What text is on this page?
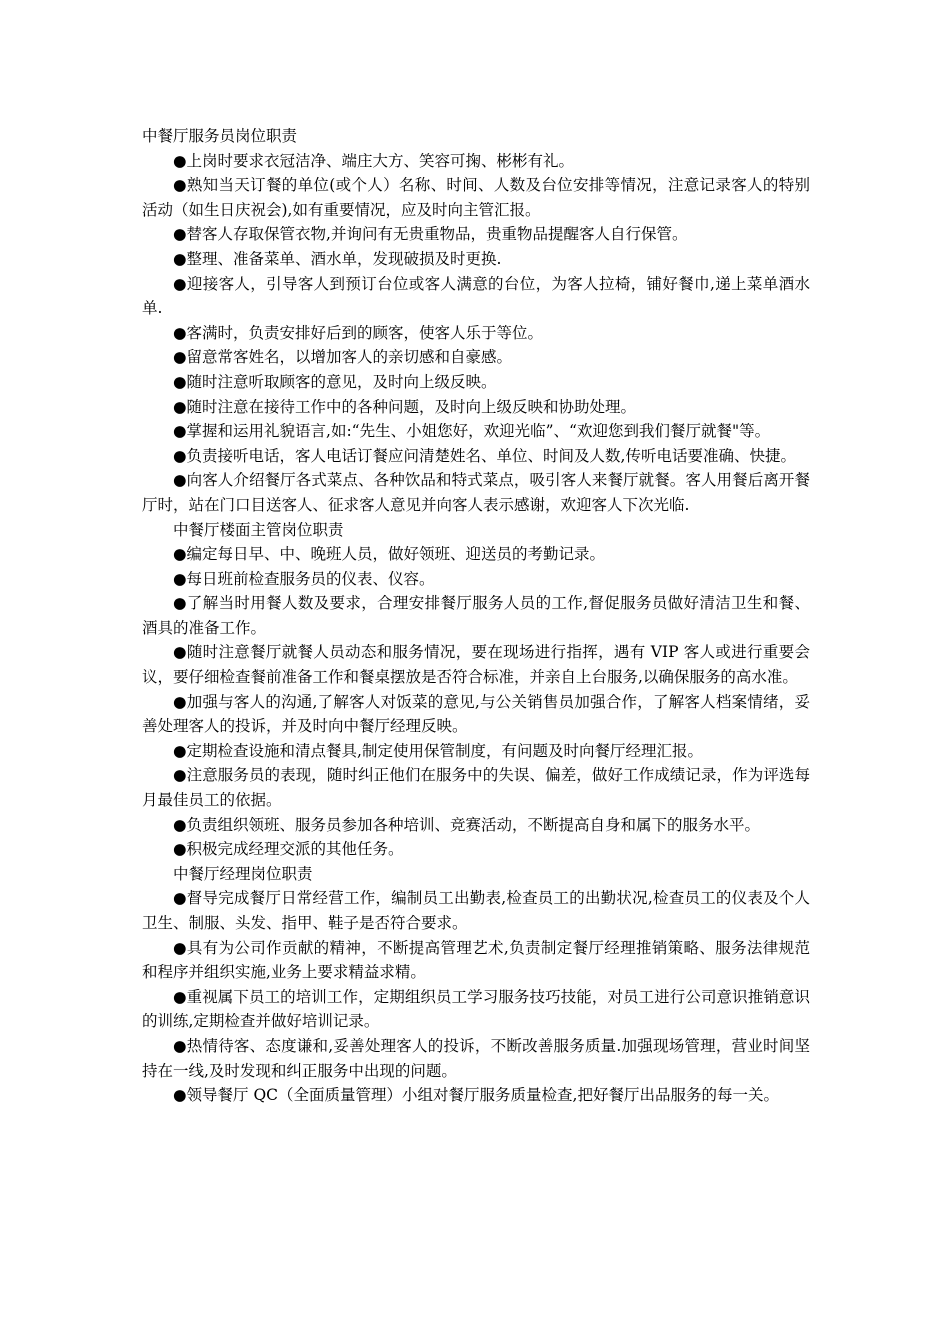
中餐厅服务员岗位职责

●上岗时要求衣冠洁净、端庄大方、笑容可掬、彬彬有礼。

●熟知当天订餐的单位(或个人）名称、时间、人数及台位安排等情况，注意记录客人的特别活动（如生日庆祝会),如有重要情况，应及时向主管汇报。

●替客人存取保管衣物,并询问有无贵重物品，贵重物品提醒客人自行保管。

●整理、准备菜单、酒水单，发现破损及时更换.

●迎接客人，引导客人到预订台位或客人满意的台位，为客人拉椅，铺好餐巾,递上菜单酒水单.

●客满时，负责安排好后到的顾客，使客人乐于等位。

●留意常客姓名，以增加客人的亲切感和自豪感。

●随时注意听取顾客的意见，及时向上级反映。

●随时注意在接待工作中的各种问题，及时向上级反映和协助处理。

●掌握和运用礼貌语言,如:“先生、小姐您好，欢迎光临”、“欢迎您到我们餐厅就餐"等。

●负责接听电话，客人电话订餐应问清楚姓名、单位、时间及人数,传听电话要准确、快捷。

●向客人介绍餐厅各式菜点、各种饮品和特式菜点，吸引客人来餐厅就餐。客人用餐后离开餐厅时，站在门口目送客人、征求客人意见并向客人表示感谢，欢迎客人下次光临.

中餐厅楼面主管岗位职责

●编定每日早、中、晚班人员，做好领班、迎送员的考勤记录。

●每日班前检查服务员的仪表、仪容。

●了解当时用餐人数及要求，合理安排餐厅服务人员的工作,督促服务员做好清洁卫生和餐、酒具的准备工作。

●随时注意餐厅就餐人员动态和服务情况，要在现场进行指挥，遇有 VIP 客人或进行重要会议，要仔细检查餐前准备工作和餐桌摆放是否符合标准，并亲自上台服务,以确保服务的高水准。

●加强与客人的沟通,了解客人对饭菜的意见,与公关销售员加强合作，了解客人档案情绪，妥善处理客人的投诉，并及时向中餐厅经理反映。

●定期检查设施和清点餐具,制定使用保管制度，有问题及时向餐厅经理汇报。

●注意服务员的表现，随时纠正他们在服务中的失误、偏差，做好工作成绩记录，作为评选每月最佳员工的依据。

●负责组织领班、服务员参加各种培训、竞赛活动，不断提高自身和属下的服务水平。

●积极完成经理交派的其他任务。

中餐厅经理岗位职责

●督导完成餐厅日常经营工作，编制员工出勤表,检查员工的出勤状况,检查员工的仪表及个人卫生、制服、头发、指甲、鞋子是否符合要求。

●具有为公司作贡献的精神，不断提高管理艺术,负责制定餐厅经理推销策略、服务法律规范和程序并组织实施,业务上要求精益求精。

●重视属下员工的培训工作，定期组织员工学习服务技巧技能，对员工进行公司意识推销意识的训练,定期检查并做好培训记录。

●热情待客、态度谦和,妥善处理客人的投诉，不断改善服务质量.加强现场管理，营业时间坚持在一线,及时发现和纠正服务中出现的问题。

●领导餐厅 QC（全面质量管理）小组对餐厅服务质量检查,把好餐厅出品服务的每一关。
